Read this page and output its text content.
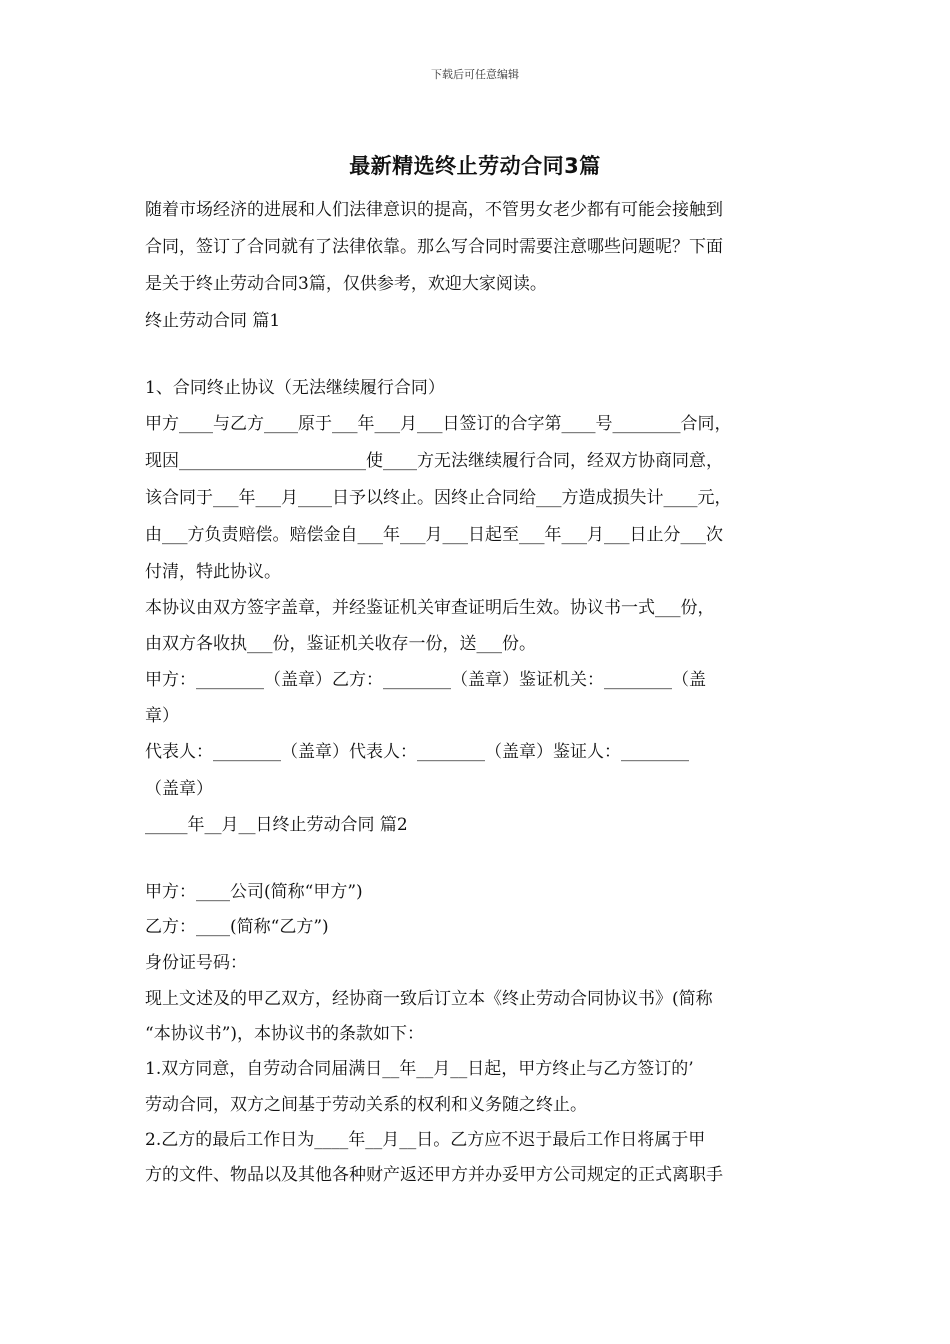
下载后可任意编辑
最新精选终止劳动合同3篇
随着市场经济的进展和人们法律意识的提高，不管男女老少都有可能会接触到
合同，签订了合同就有了法律依靠。那么写合同时需要注意哪些问题呢？下面
是关于终止劳动合同3篇，仅供参考，欢迎大家阅读。
终止劳动合同 篇1
1、合同终止协议（无法继续履行合同）
甲方____与乙方____原于___年___月___日签订的合字第____号________合同，
现因______________________使____方无法继续履行合同，经双方协商同意，
该合同于___年___月____日予以终止。因终止合同给___方造成损失计____元，
由___方负责赔偿。赔偿金自___年___月___日起至___年___月___日止分___次
付清，特此协议。
本协议由双方签字盖章，并经鉴证机关审查证明后生效。协议书一式___份，
由双方各收执___份，鉴证机关收存一份，送___份。
甲方：________（盖章）乙方：________（盖章）鉴证机关：________（盖
章）
代表人：________（盖章）代表人：________（盖章）鉴证人：________
（盖章）
_____年__月__日终止劳动合同 篇2
甲方：____公司(简称“甲方”)
乙方：____(简称“乙方”)
身份证号码：
现上文述及的甲乙双方，经协商一致后订立本《终止劳动合同协议书》(简称
“本协议书”)，本协议书的条款如下：
1.双方同意，自劳动合同届满日__年__月__日起，甲方终止与乙方签订的’
劳动合同，双方之间基于劳动关系的权利和义务随之终止。
2.乙方的最后工作日为____年__月__日。乙方应不迟于最后工作日将属于甲
方的文件、物品以及其他各种财产返还甲方并办妥甲方公司规定的正式离职手
